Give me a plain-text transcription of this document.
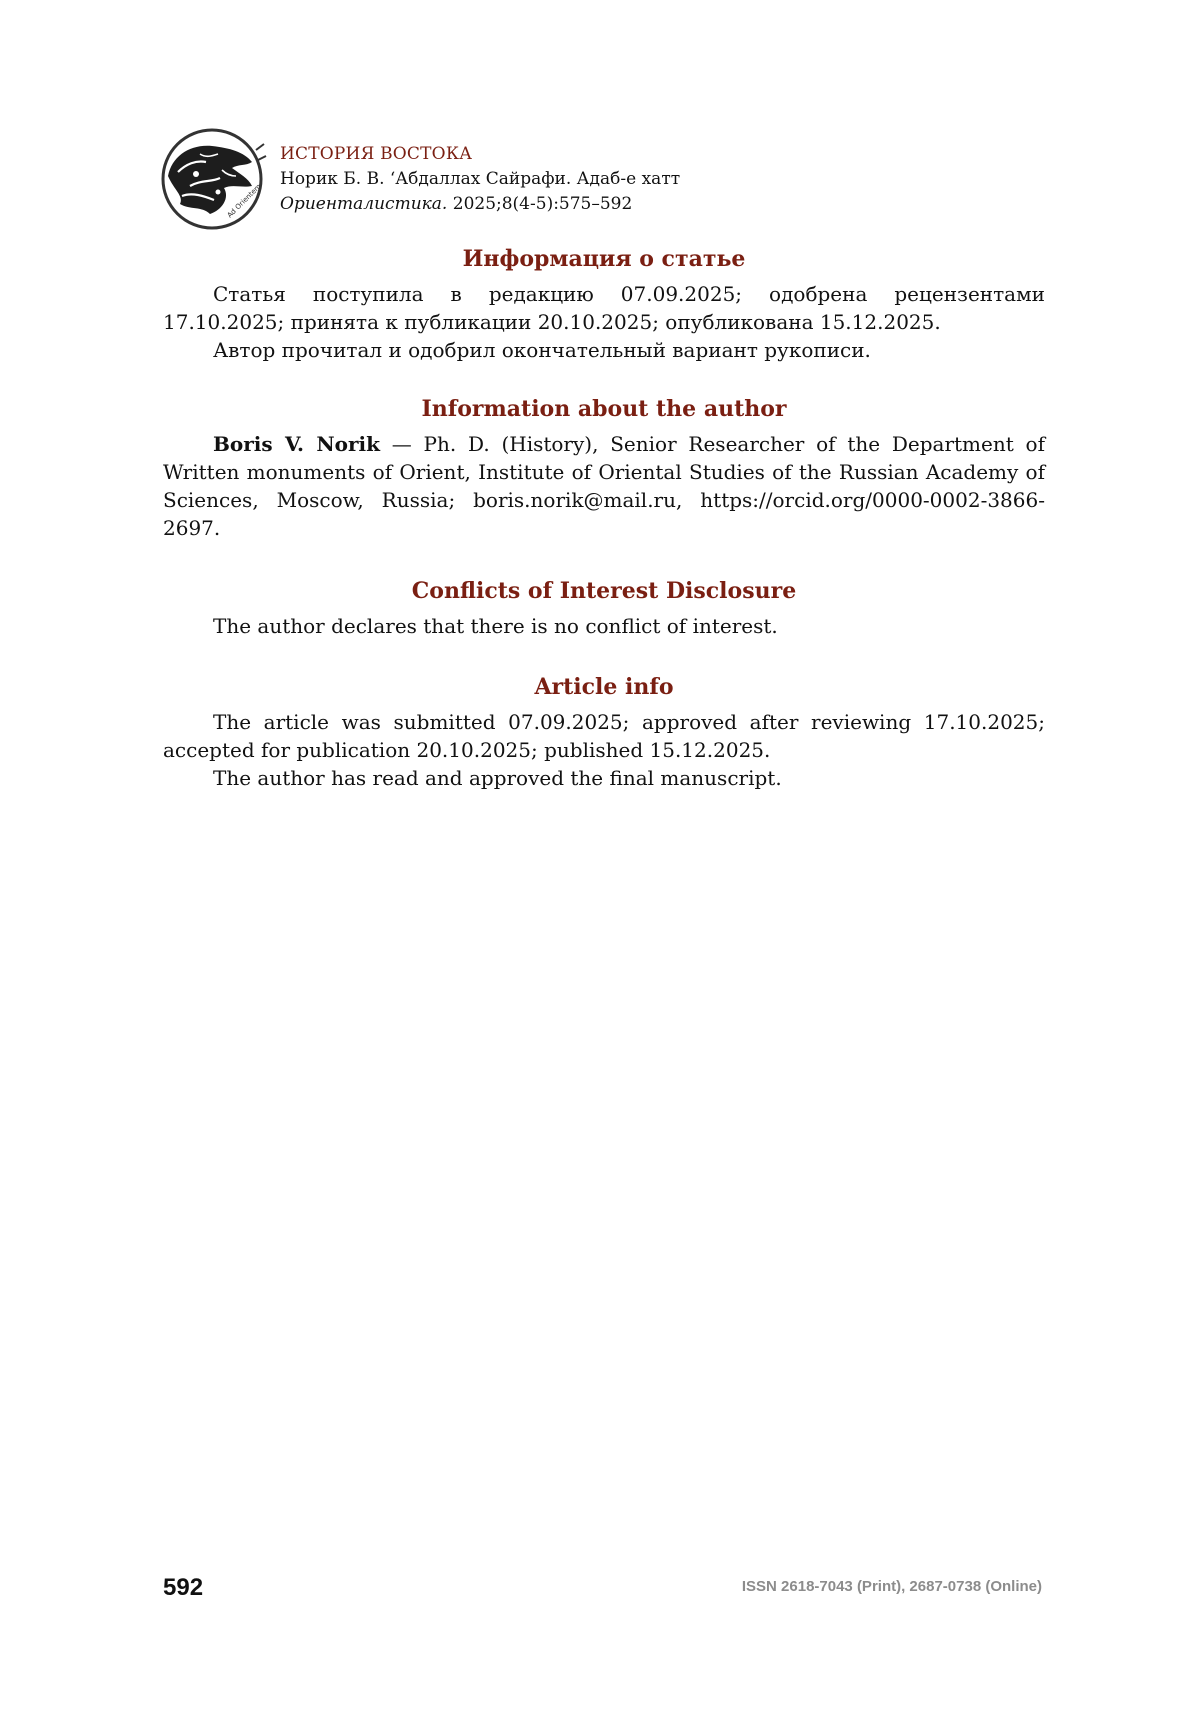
Ad Orientem
ИСТОРИЯ ВОСТОКА
Норик Б. В. ‘Абдаллах Сайрафи. Адаб-е хатт
Ориенталистика. 2025;8(4-5):575–592
Информация о статье

Статья поступила в редакцию 07.09.2025; одобрена рецензентами 17.10.2025; принята к публикации 20.10.2025; опубликована 15.12.2025.

Автор прочитал и одобрил окончательный вариант рукописи.

Information about the author

Boris V. Norik — Ph. D. (History), Senior Researcher of the Department of Written monuments of Orient, Institute of Oriental Studies of the Russian Academy of Sciences, Moscow, Russia; boris.norik@mail.ru, https://orcid.org/0000-0002-3866-2697.

Conflicts of Interest Disclosure

The author declares that there is no conflict of interest.

Article info

The article was submitted 07.09.2025; approved after reviewing 17.10.2025; accepted for publication 20.10.2025; published 15.12.2025.

The author has read and approved the final manuscript.

592	ISSN 2618-7043 (Print), 2687-0738 (Online)
